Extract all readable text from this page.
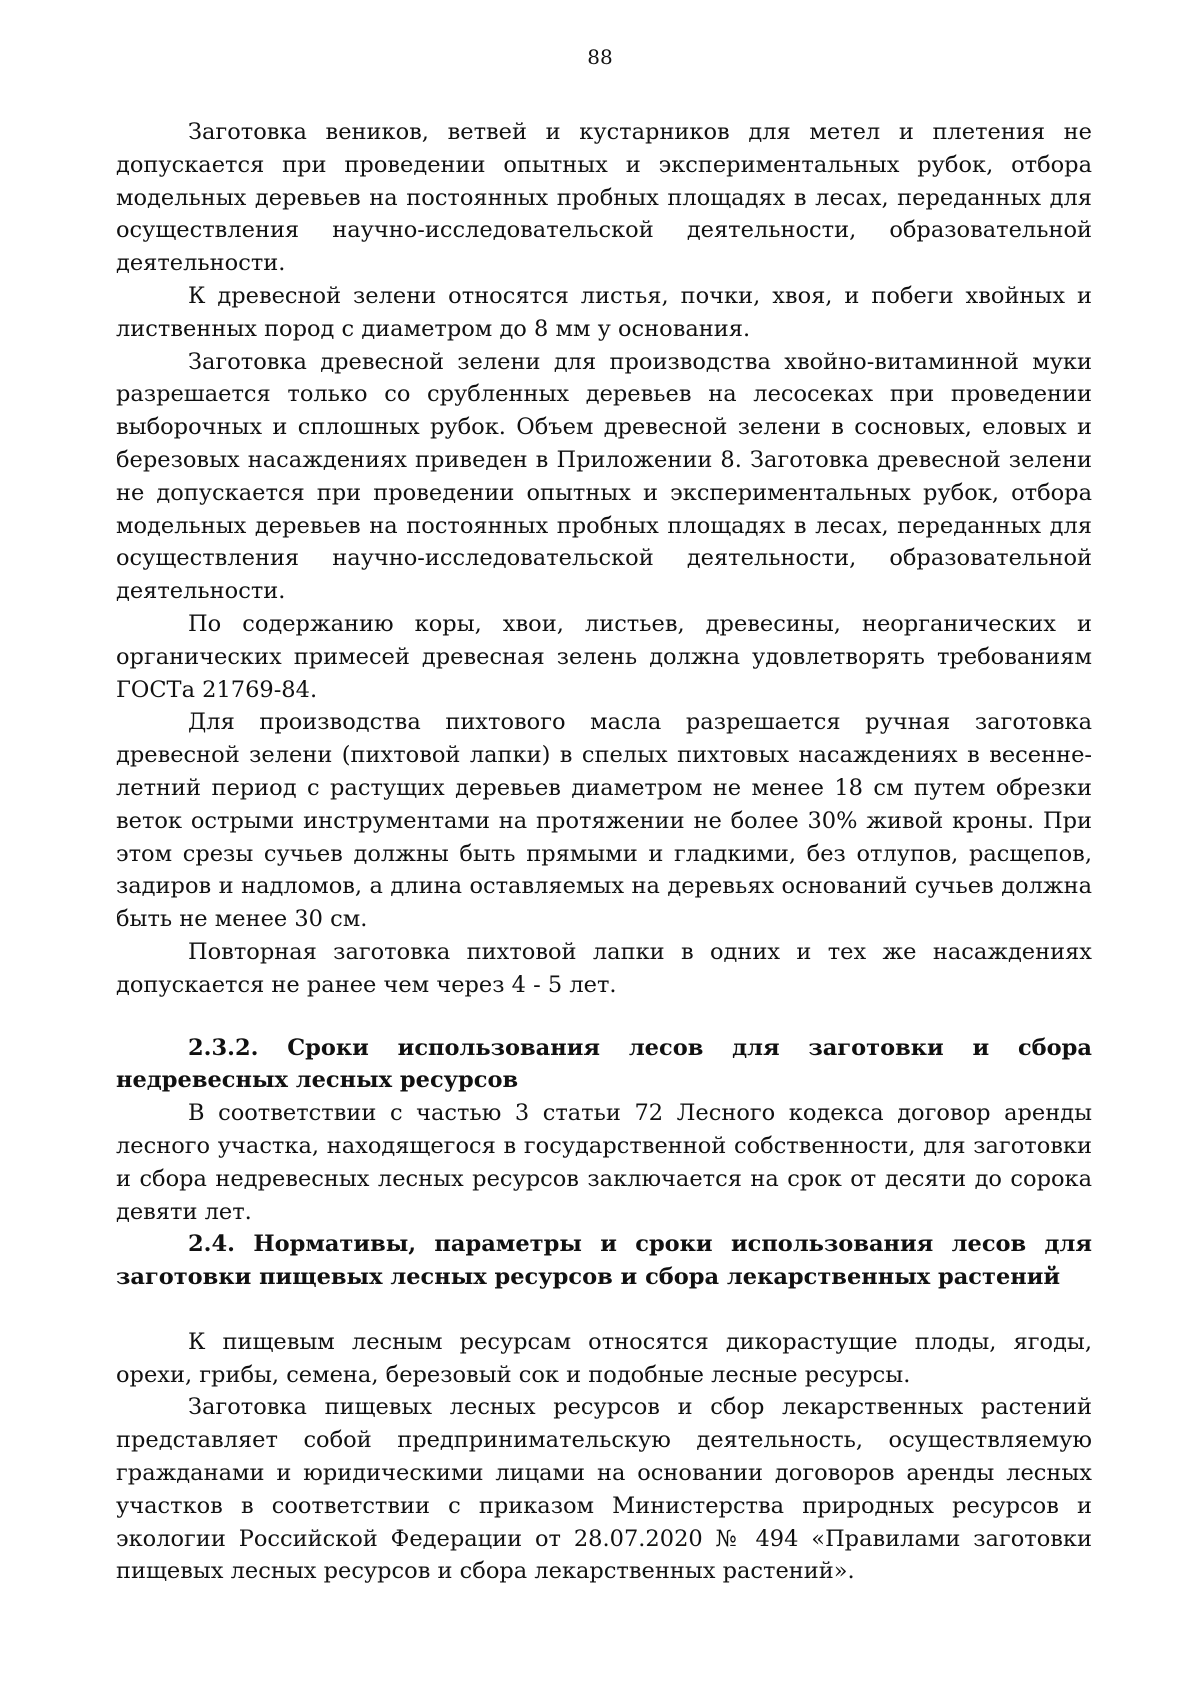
88

Заготовка веников, ветвей и кустарников для метел и плетения не допускается при проведении опытных и экспериментальных рубок, отбора модельных деревьев на постоянных пробных площадях в лесах, переданных для осуществления научно-исследовательской деятельности, образовательной деятельности.

К древесной зелени относятся листья, почки, хвоя, и побеги хвойных и лиственных пород с диаметром до 8 мм у основания.

Заготовка древесной зелени для производства хвойно-витаминной муки разрешается только со срубленных деревьев на лесосеках при проведении выборочных и сплошных рубок. Объем древесной зелени в сосновых, еловых и березовых насаждениях приведен в Приложении 8. Заготовка древесной зелени не допускается при проведении опытных и экспериментальных рубок, отбора модельных деревьев на постоянных пробных площадях в лесах, переданных для осуществления научно-исследовательской деятельности, образовательной деятельности.

По содержанию коры, хвои, листьев, древесины, неорганических и органических примесей древесная зелень должна удовлетворять требованиям ГОСТа 21769-84.

Для производства пихтового масла разрешается ручная заготовка древесной зелени (пихтовой лапки) в спелых пихтовых насаждениях в весенне-летний период с растущих деревьев диаметром не менее 18 см путем обрезки веток острыми инструментами на протяжении не более 30% живой кроны. При этом срезы сучьев должны быть прямыми и гладкими, без отлупов, расщепов, задиров и надломов, а длина оставляемых на деревьях оснований сучьев должна быть не менее 30 см.

Повторная заготовка пихтовой лапки в одних и тех же насаждениях допускается не ранее чем через 4 - 5 лет.

2.3.2. Сроки использования лесов для заготовки и сбора недревесных лесных ресурсов

В соответствии с частью 3 статьи 72 Лесного кодекса договор аренды лесного участка, находящегося в государственной собственности, для заготовки и сбора недревесных лесных ресурсов заключается на срок от десяти до сорока девяти лет.

2.4. Нормативы, параметры и сроки использования лесов для заготовки пищевых лесных ресурсов и сбора лекарственных растений

К пищевым лесным ресурсам относятся дикорастущие плоды, ягоды, орехи, грибы, семена, березовый сок и подобные лесные ресурсы.

Заготовка пищевых лесных ресурсов и сбор лекарственных растений представляет собой предпринимательскую деятельность, осуществляемую гражданами и юридическими лицами на основании договоров аренды лесных участков в соответствии с приказом Министерства природных ресурсов и экологии Российской Федерации от 28.07.2020 № 494 «Правилами заготовки пищевых лесных ресурсов и сбора лекарственных растений».
